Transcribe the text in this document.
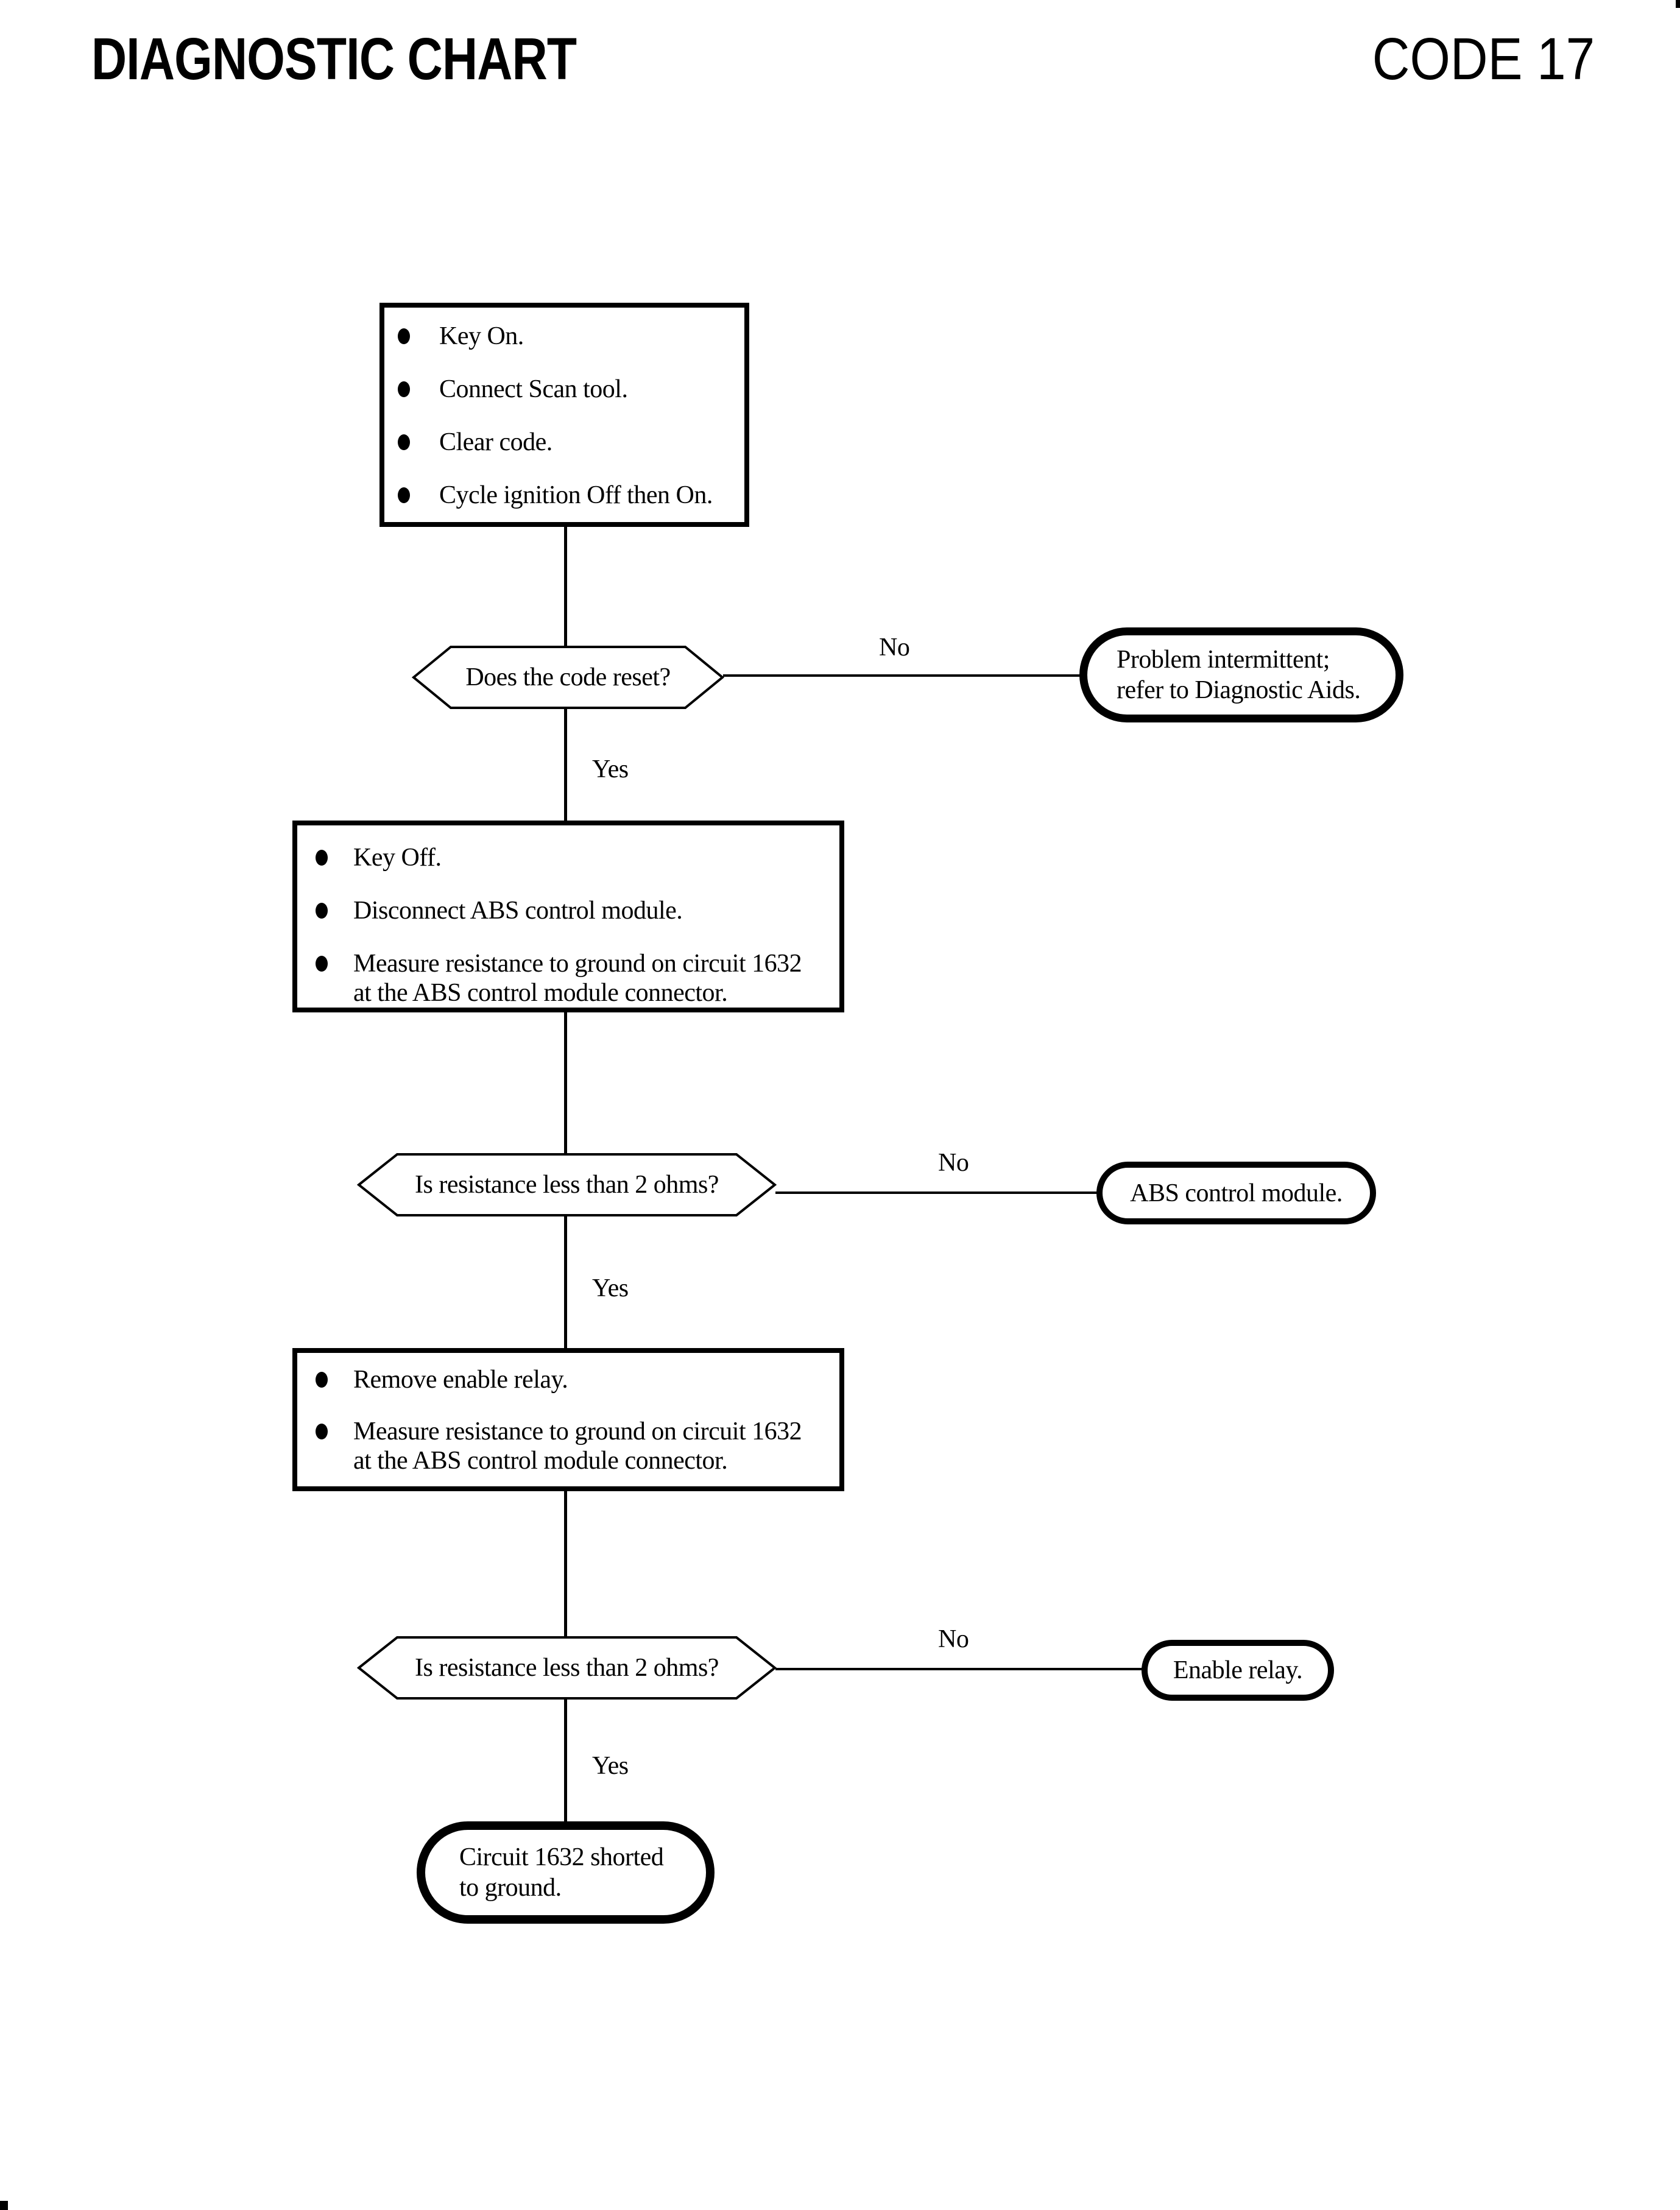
DIAGNOSTIC CHART	CODE 17
Key On.
Connect Scan tool.
Clear code.
Cycle ignition Off then On.
Does the code reset?
No	Problem intermittent;
refer to Diagnostic Aids.
Yes
Key Off.
Disconnect ABS control module.
Measure resistance to ground on circuit 1632
at the ABS control module connector.
Is resistance less than 2 ohms?
No
ABS control module.
Yes
Remove enable relay.
Measure resistance to ground on circuit 1632
at the ABS control module connector.
Is resistance less than 2 ohms?
No
Enable relay.
Yes
Circuit 1632 shorted
to ground.
